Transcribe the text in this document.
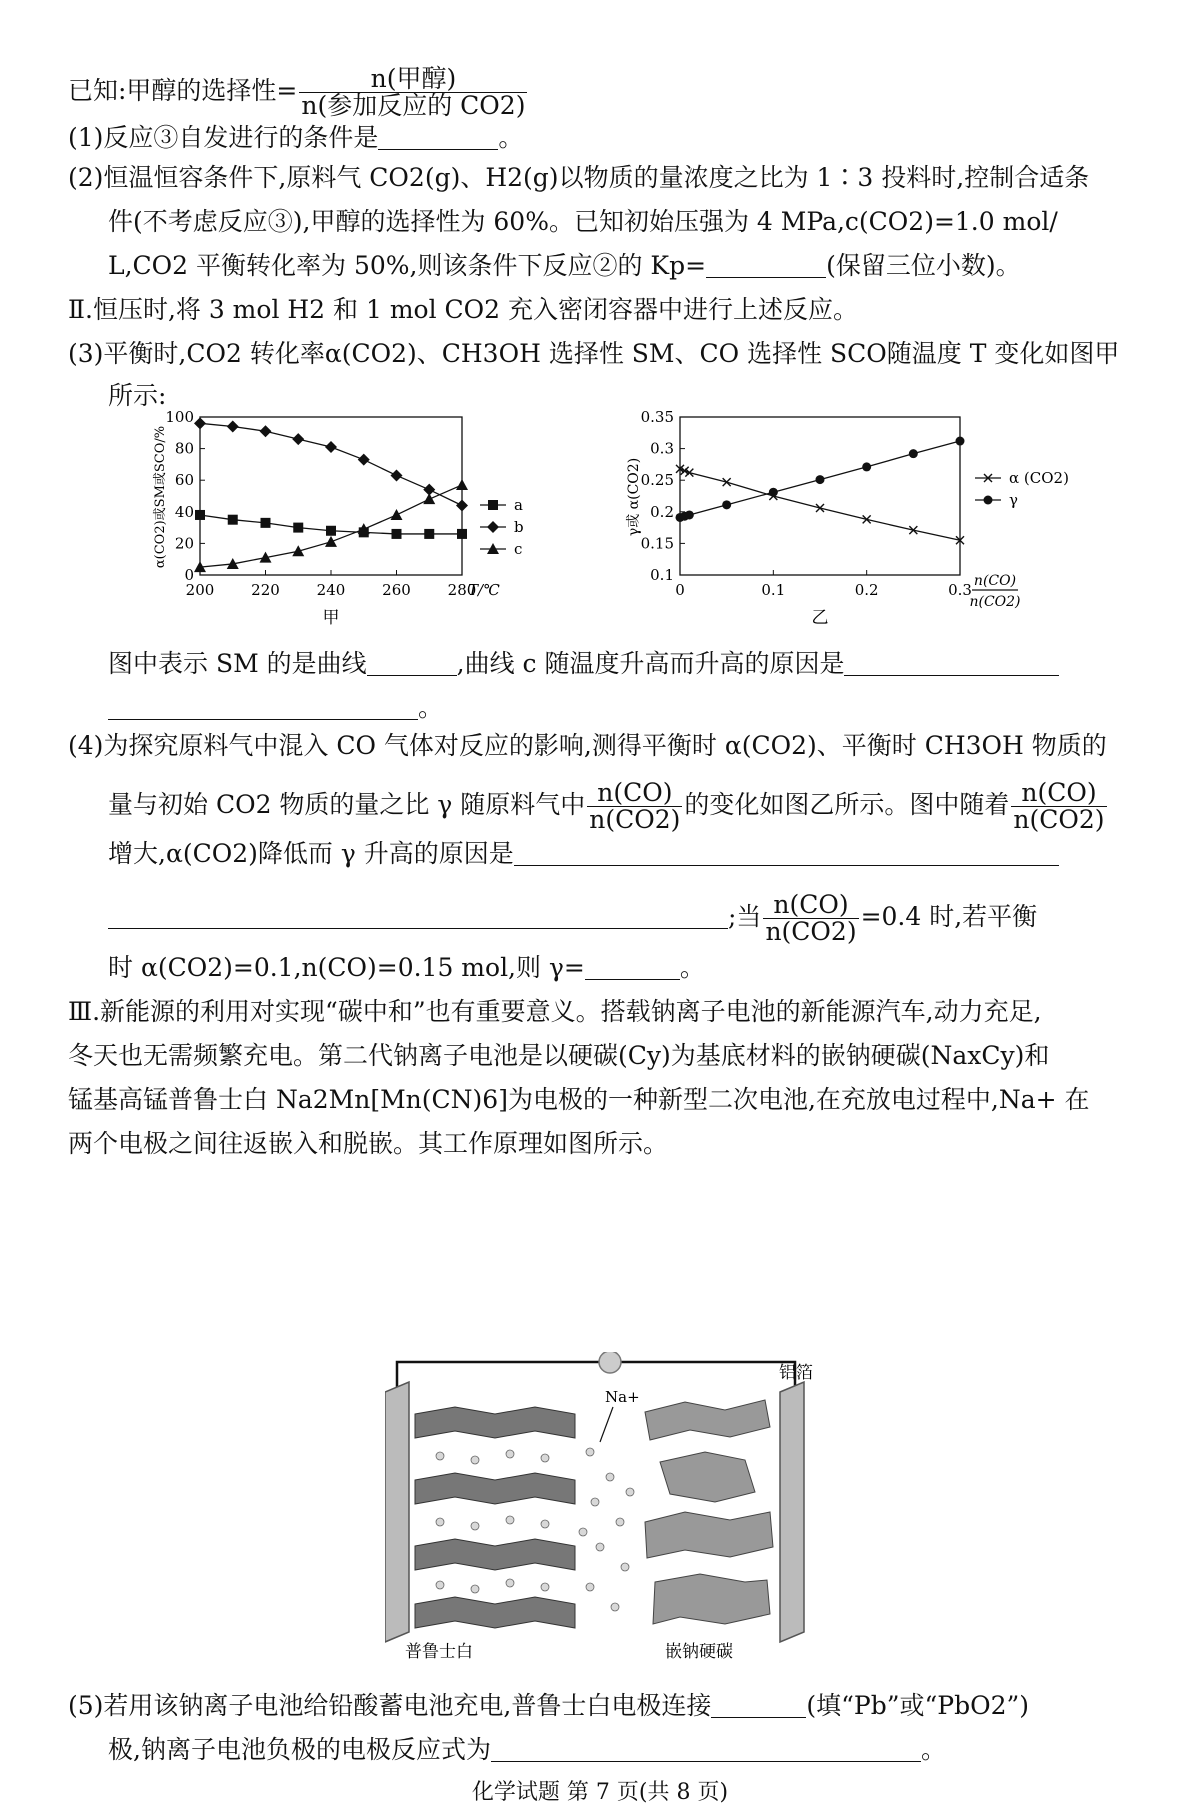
已知:甲醇的选择性= $\frac{\text{n(甲醇)}}{\text{n(参加反应的 CO2)}}$
(1)反应③自发进行的条件是	。
(2)恒温恒容条件下,原料气 CO2(g)、H2(g)以物质的量浓度之比为 1∶3 投料时,控制合适条
件(不考虑反应③),甲醇的选择性为 60%。已知初始压强为 4 MPa,c(CO2)=1.0 mol/
L,CO2 平衡转化率为 50%,则该条件下反应②的 Kp=	(保留三位小数)。
Ⅱ.恒压时,将 3 mol H2 和 1 mol CO2 充入密闭容器中进行上述反应。
(3)平衡时,CO2 转化率α(CO2)、CH3OH 选择性 SM、CO 选择性 SCO随温度 T 变化如图甲
所示:
200 220 240 260 280
0
20
40
60
80
100
a
b
c
甲
T/℃
α(CO2)或SM或SCO/%
0	0.1	0.2	0.3
0.1
0.15
0.2
0.25
0.3
0.35
α (CO2)
γ
乙
γ或 α(CO2)
n(CO)
n(CO2)
图中表示 SM 的是曲线	,曲线 c 随温度升高而升高的原因是
。
(4)为探究原料气中混入 CO 气体对反应的影响,测得平衡时 α(CO2)、平衡时 CH3OH 物质的
量与初始 CO2 物质的量之比 γ 随原料气中 $\frac{n(CO)}{n(CO2)}$ 的变化如图乙所示。图中随着 $\frac{n(CO)}{n(CO2)}$
增大,α(CO2)降低而 γ 升高的原因是
;当 $\frac{n(CO)}{n(CO2)} =0.4$ 时,若平衡
时 α(CO2)=0.1,n(CO)=0.15 mol,则 γ=	。
Ⅲ.新能源的利用对实现“碳中和”也有重要意义。搭载钠离子电池的新能源汽车,动力充足,
冬天也无需频繁充电。第二代钠离子电池是以硬碳(Cy)为基底材料的嵌钠硬碳(NaxCy)和
锰基高锰普鲁士白 Na2Mn[Mn(CN)6]为电极的一种新型二次电池,在充放电过程中,Na+ 在
两个电极之间往返嵌入和脱嵌。其工作原理如图所示。
Na+
铝箔
普鲁士白	嵌钠硬碳
(5)若用该钠离子电池给铅酸蓄电池充电,普鲁士白电极连接	(填“Pb”或“PbO2”)
极,钠离子电池负极的电极反应式为	。
化学试题 第 7 页(共 8 页)
